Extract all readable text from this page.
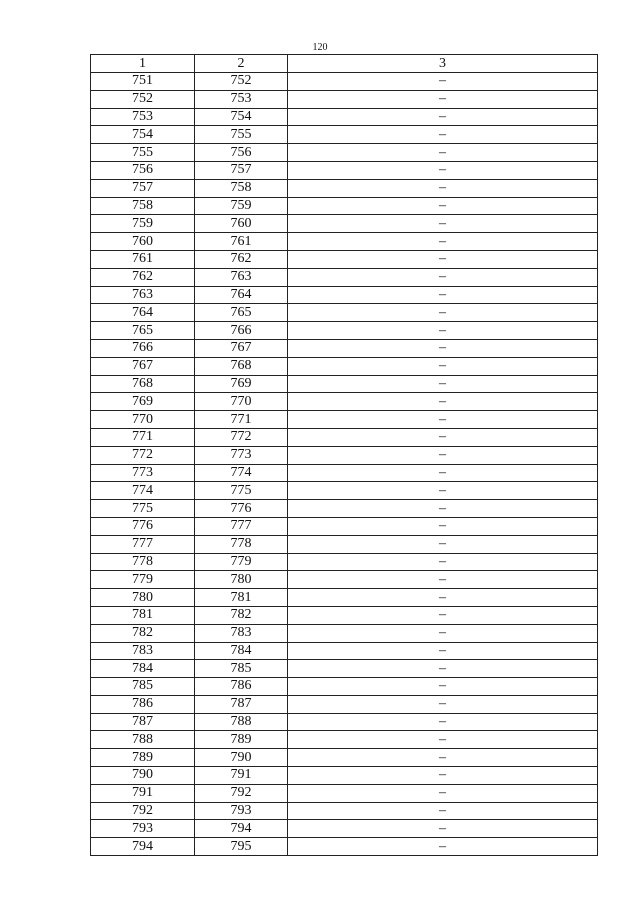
120
1	2	3
751	752	–
752	753	–
753	754	–
754	755	–
755	756	–
756	757	–
757	758	–
758	759	–
759	760	–
760	761	–
761	762	–
762	763	–
763	764	–
764	765	–
765	766	–
766	767	–
767	768	–
768	769	–
769	770	–
770	771	–
771	772	–
772	773	–
773	774	–
774	775	–
775	776	–
776	777	–
777	778	–
778	779	–
779	780	–
780	781	–
781	782	–
782	783	–
783	784	–
784	785	–
785	786	–
786	787	–
787	788	–
788	789	–
789	790	–
790	791	–
791	792	–
792	793	–
793	794	–
794	795	–
